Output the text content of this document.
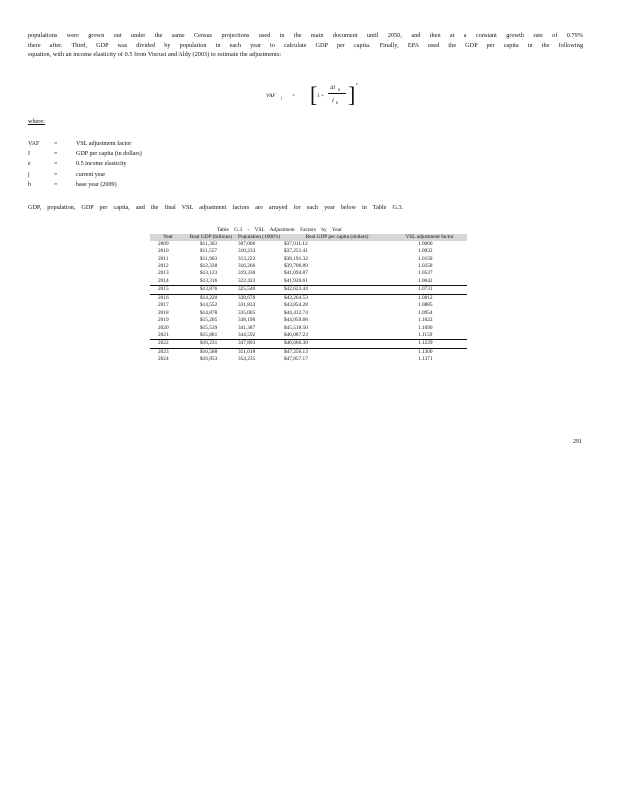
populations were grown out under the same Census projections used in the main document until 2050, and then at a constant growth rate of 0.79%
there after. Third, GDP was divided by population in each year to calculate GDP per capita. Finally, EPA used the GDP per capita in the following
equation, with an income elasticity of 0.5 from Viscusi and Aldy (2003) to estimate the adjustments:
VAF j = [ 1 +
ΔI b
I b ] e
where:
VAF	=	VSL adjustment factor
I	=	GDP per capita (in dollars)
e	=	0.5 income elasticity
j	=	current year
b	=	base year (2009)
GDP, population, GDP per capita, and the final VSL adjustment factors are arrayed for each year below in Table G.3.
Table G.3 - VSL Adjustment Factors by Year
Year	Real GDP (billions)	Population (1000’s)	Real GDP per capita (dollars)	VSL adjustment factor
2009	$11,363	307,006	$37,011.12	1.0000
2010	$11,557	310,233	$37,251.41	1.0032
2011	$11,963	313,222	$38,191.32	1.0158
2012	$12,338	316,266	$39,706.89	1.0358
2013	$13,123	319,330	$41,094.87	1.0537
2014	$13,316	322,423	$41,920.61	1.0642
2015	$13,876	325,540	$42,623.44	1.0731
2016	$14,220	328,678	$43,264.53	1.0812
2017	$14,552	331,833	$43,854.28	1.0885
2018	$14,878	335,005	$44,412.74	1.0954
2019	$15,205	338,190	$44,959.68	1.1022
2020	$15,539	341,387	$45,518.50	1.1090
2021	$15,881	344,592	$46,087.23	1.1159
2022	$16,231	347,803	$46,666.30	1.1229
2023	$16,588	351,018	$47,256.13	1.1300
2024	$16,953	354,235	$47,857.17	1.1371
291
